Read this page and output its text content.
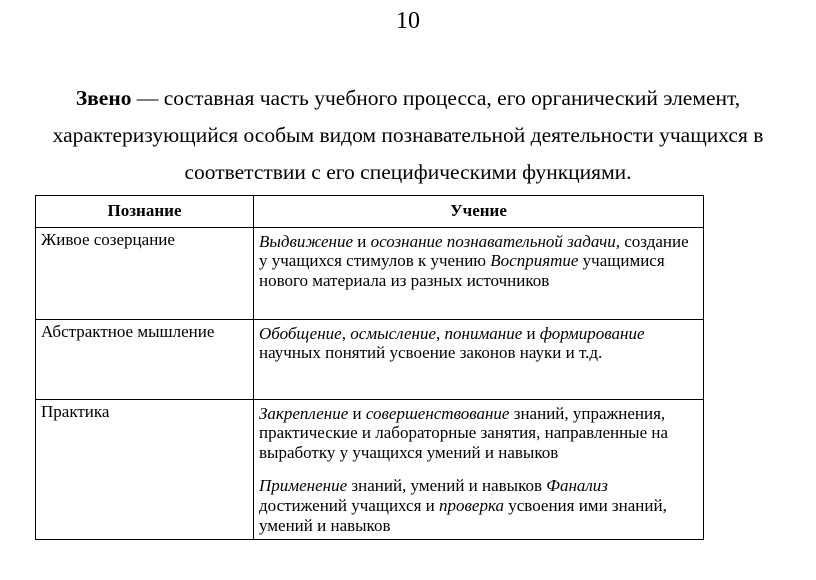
10

Звено — составная часть учебного процесса, его органический элемент, характеризующийся особым видом познавательной деятельности учащихся в соответствии с его специфическими функциями.

Познание	Учение
Живое созерцание	Выдвижение и осознание познавательной задачи, создание у учащихся стимулов к учению Восприятие учащимися нового материала из разных источников

Абстрактное мышление	Обобщение, осмысление, понимание и формирование научных понятий усвоение законов науки и т.д.

Практика	Закрепление и совершенствование знаний, упражнения, практические и лабораторные занятия, направленные на выработку у учащихся умений и навыков
Применение знаний, умений и навыков Фанализ достижений учащихся и проверка усвоения ими знаний, умений и навыков
